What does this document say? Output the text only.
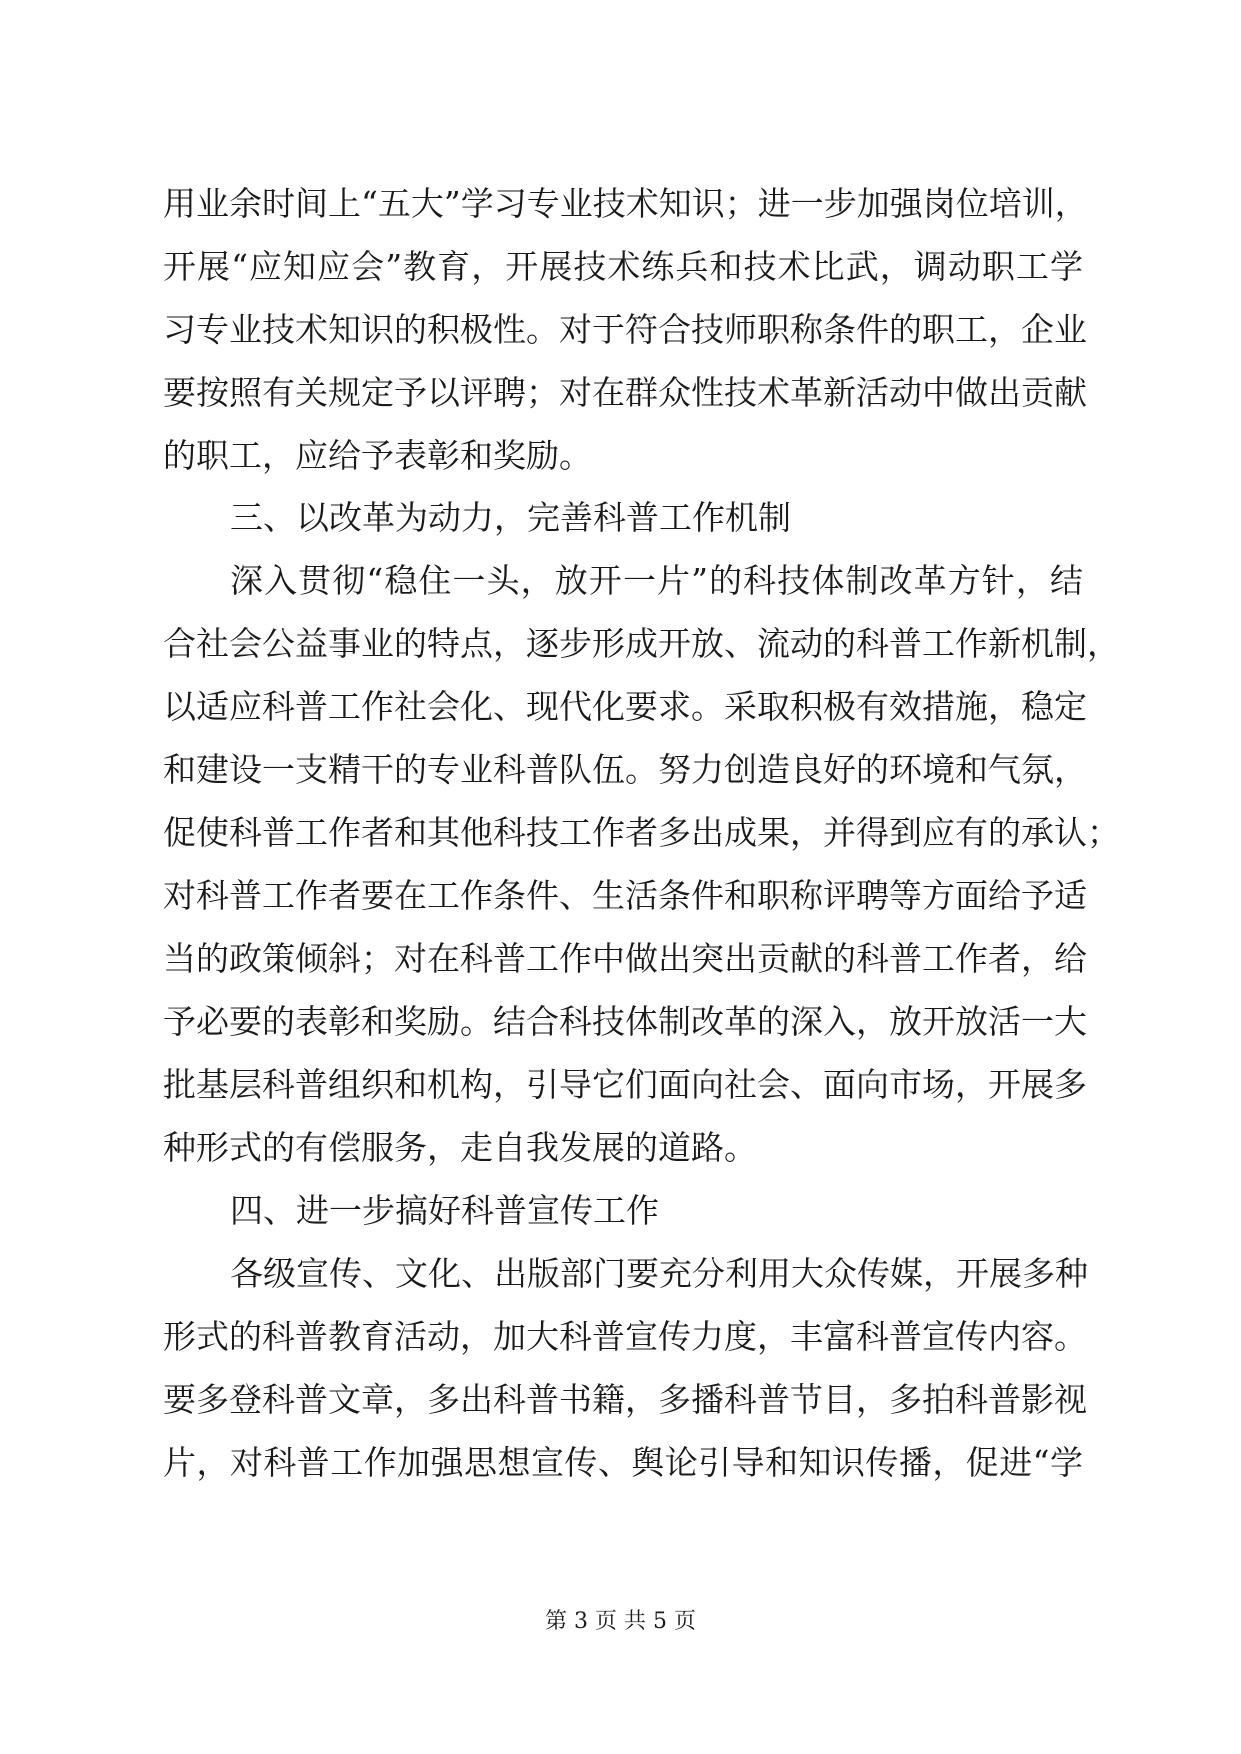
用业余时间上“五大”学习专业技术知识；进一步加强岗位培训，
开展“应知应会”教育，开展技术练兵和技术比武，调动职工学
习专业技术知识的积极性。对于符合技师职称条件的职工，企业
要按照有关规定予以评聘；对在群众性技术革新活动中做出贡献
的职工，应给予表彰和奖励。
三、以改革为动力，完善科普工作机制
深入贯彻“稳住一头，放开一片”的科技体制改革方针，结
合社会公益事业的特点，逐步形成开放、流动的科普工作新机制，
以适应科普工作社会化、现代化要求。采取积极有效措施，稳定
和建设一支精干的专业科普队伍。努力创造良好的环境和气氛，
促使科普工作者和其他科技工作者多出成果，并得到应有的承认；
对科普工作者要在工作条件、生活条件和职称评聘等方面给予适
当的政策倾斜；对在科普工作中做出突出贡献的科普工作者，给
予必要的表彰和奖励。结合科技体制改革的深入，放开放活一大
批基层科普组织和机构，引导它们面向社会、面向市场，开展多
种形式的有偿服务，走自我发展的道路。
四、进一步搞好科普宣传工作
各级宣传、文化、出版部门要充分利用大众传媒，开展多种
形式的科普教育活动，加大科普宣传力度，丰富科普宣传内容。
要多登科普文章，多出科普书籍，多播科普节目，多拍科普影视
片，对科普工作加强思想宣传、舆论引导和知识传播，促进“学
第 3 页 共 5 页
